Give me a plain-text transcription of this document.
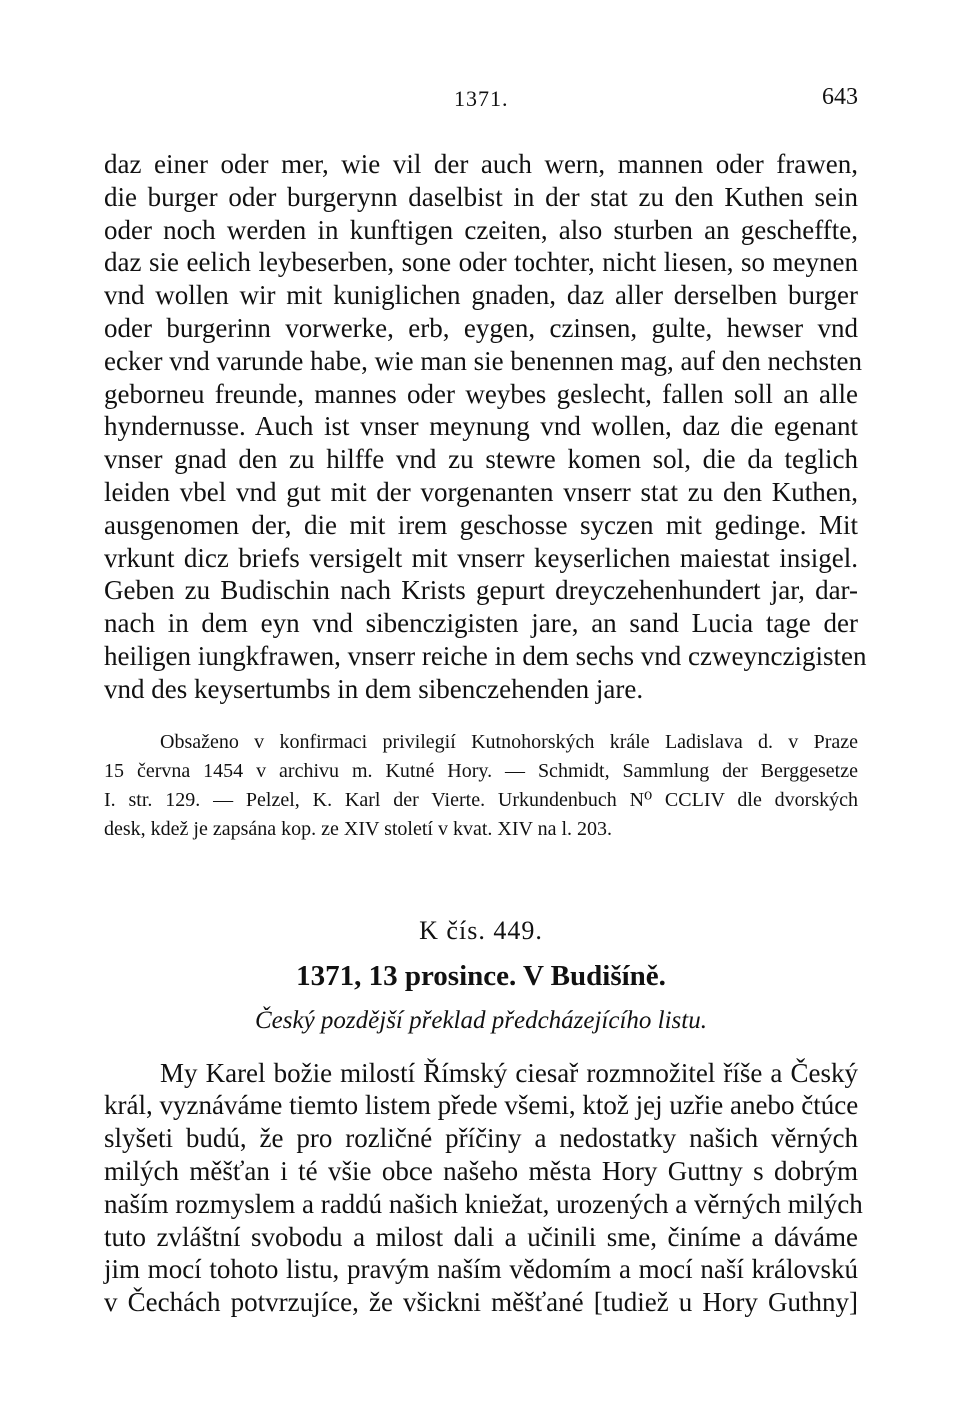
1371.	643
daz einer oder mer, wie vil der auch wern, mannen oder frawen,
die burger oder burgerynn daselbist in der stat zu den Kuthen sein
oder noch werden in kunftigen czeiten, also sturben an gescheffte,
daz sie eelich leybeserben, sone oder tochter, nicht liesen, so meynen
vnd wollen wir mit kuniglichen gnaden, daz aller derselben burger
oder burgerinn vorwerke, erb, eygen, czinsen, gulte, hewser vnd
ecker vnd varunde habe, wie man sie benennen mag, auf den nechsten
geborneu freunde, mannes oder weybes geslecht, fallen soll an alle
hyndernusse. Auch ist vnser meynung vnd wollen, daz die egenant
vnser gnad den zu hilffe vnd zu stewre komen sol, die da teglich
leiden vbel vnd gut mit der vorgenanten vnserr stat zu den Kuthen,
ausgenomen der, die mit irem geschosse syczen mit gedinge. Mit
vrkunt dicz briefs versigelt mit vnserr keyserlichen maiestat insigel.
Geben zu Budischin nach Krists gepurt dreyczehenhundert jar, dar-
nach in dem eyn vnd sibenczigisten jare, an sand Lucia tage der
heiligen iungkfrawen, vnserr reiche in dem sechs vnd czweynczigisten
vnd des keysertumbs in dem sibenczehenden jare.
Obsaženo v konfirmaci privilegií Kutnohorských krále Ladislava d. v Praze
15 června 1454 v archivu m. Kutné Hory. — Schmidt, Sammlung der Berggesetze
I. str. 129. — Pelzel, K. Karl der Vierte. Urkundenbuch N⁰ CCLIV dle dvorských
desk, kdež je zapsána kop. ze XIV století v kvat. XIV na l. 203.
K čís. 449.
1371, 13 prosince. V Budišíně.
Český pozdější překlad předcházejícího listu.
My Karel božie milostí Římský ciesař rozmnožitel říše a Český
král, vyznáváme tiemto listem přede všemi, ktož jej uzřie anebo čtúce
slyšeti budú, že pro rozličné příčiny a nedostatky našich věrných
milých měšťan i té všie obce našeho města Hory Guttny s dobrým
naším rozmyslem a raddú našich kniežat, urozených a věrných milých
tuto zvláštní svobodu a milost dali a učinili sme, činíme a dáváme
jim mocí tohoto listu, pravým naším vědomím a mocí naší královskú
v Čechách potvrzujíce, že všickni měšťané [tudiež u Hory Guthny]
